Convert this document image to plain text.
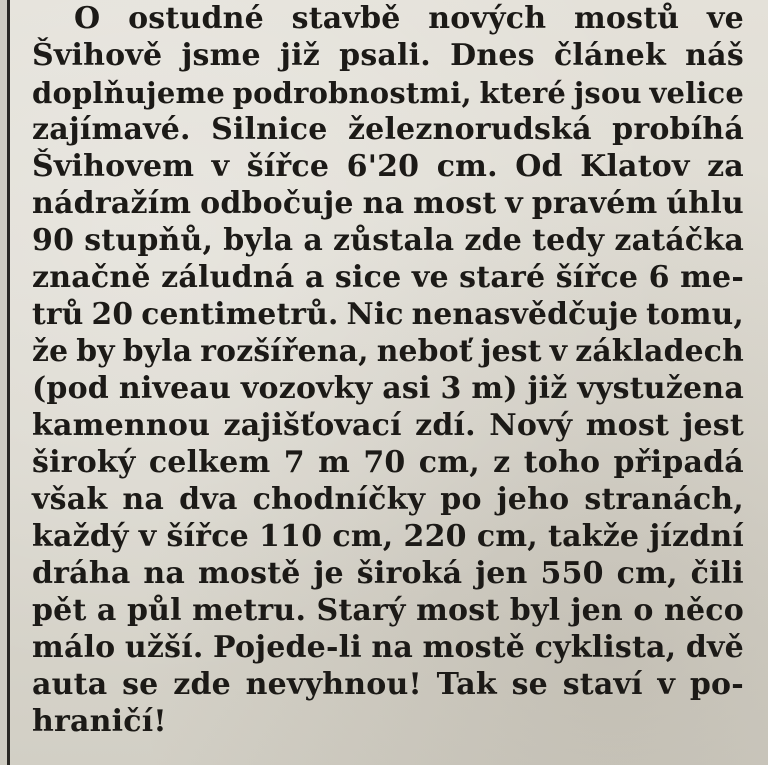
O ostudné stavbě nových mostů ve
Švihově jsme již psali. Dnes článek náš
doplňujeme podrobnostmi, které jsou velice
zajímavé. Silnice železnorudská probíhá
Švihovem v šířce 6'20 cm. Od Klatov za
nádražím odbočuje na most v pravém úhlu
90 stupňů, byla a zůstala zde tedy zatáčka
značně záludná a sice ve staré šířce 6 me-
trů 20 centimetrů. Nic nenasvědčuje tomu,
že by byla rozšířena, neboť jest v základech
(pod niveau vozovky asi 3 m) již vystužena
kamennou zajišťovací zdí. Nový most jest
široký celkem 7 m 70 cm, z toho připadá
však na dva chodníčky po jeho stranách,
každý v šířce 110 cm, 220 cm, takže jízdní
dráha na mostě je široká jen 550 cm, čili
pět a půl metru. Starý most byl jen o něco
málo užší. Pojede-li na mostě cyklista, dvě
auta se zde nevyhnou! Tak se staví v po-
hraničí!
